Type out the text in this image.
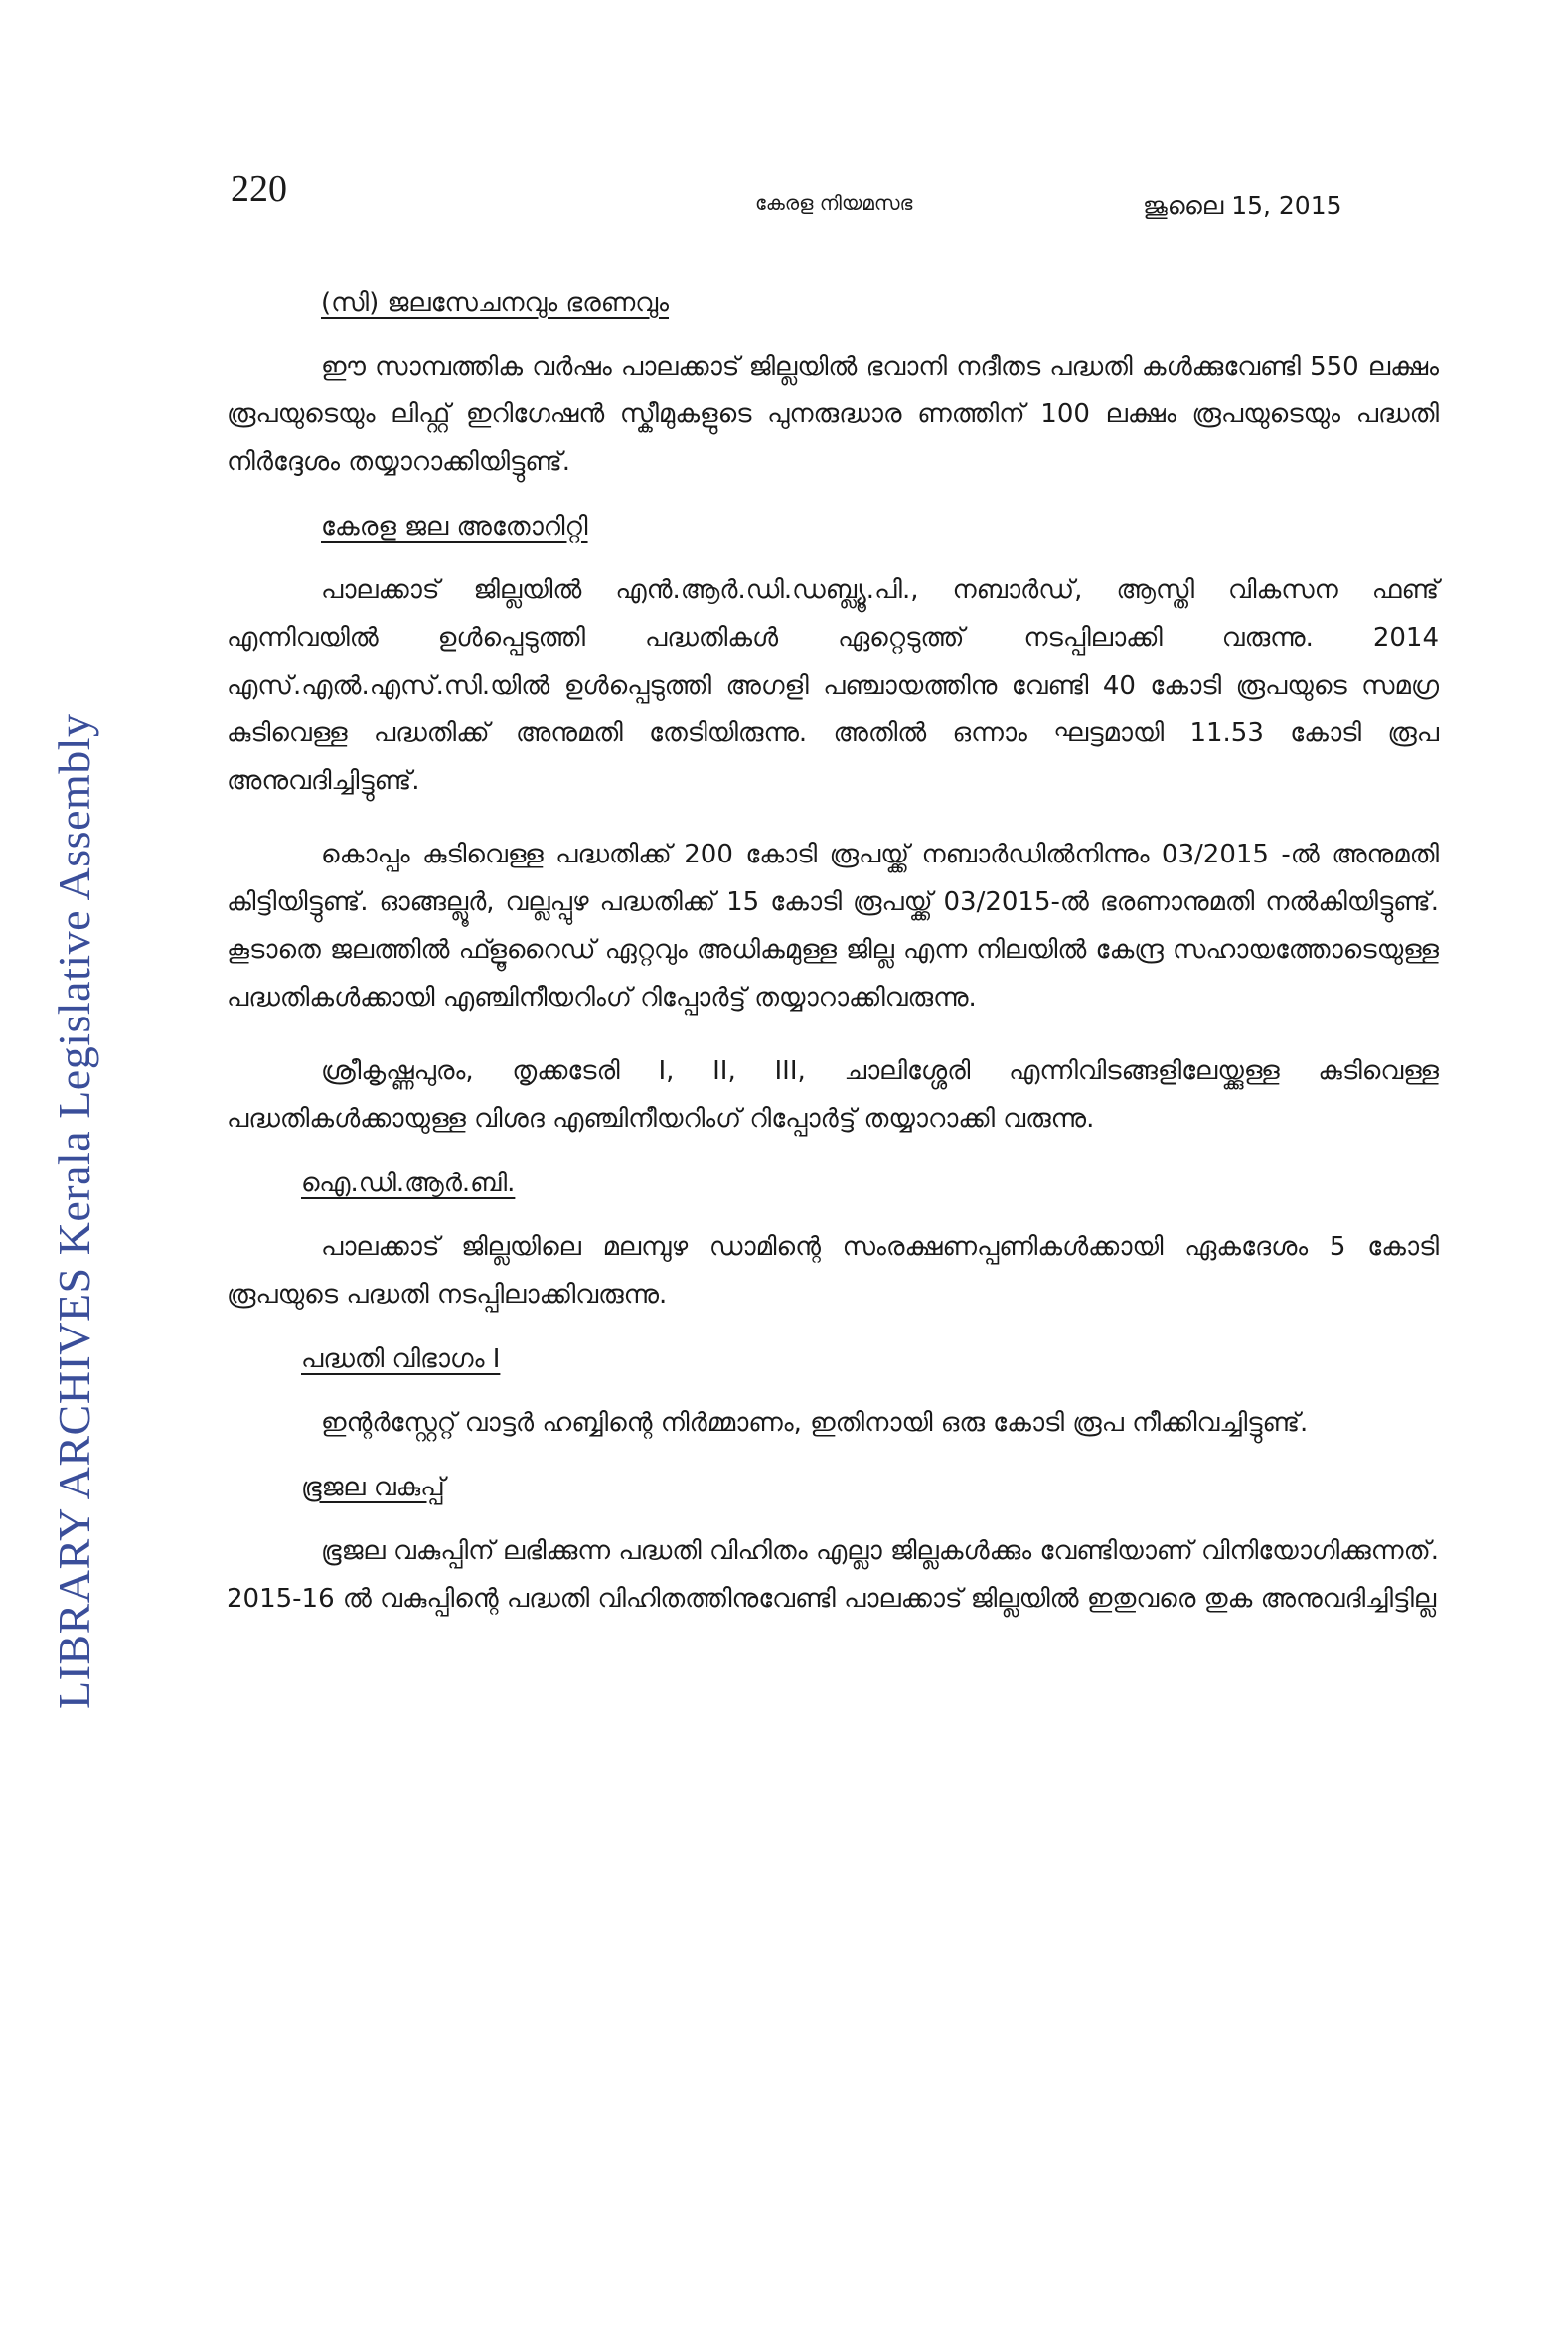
LIBRARY ARCHIVES Kerala Legislative Assembly
220	കേരള നിയമസഭ	ജൂലൈ 15, 2015
(സി) ജലസേചനവും ഭരണവും

ഈ സാമ്പത്തിക വർഷം പാലക്കാട് ജില്ലയിൽ ഭവാനി നദീതട പദ്ധതി കൾക്കുവേണ്ടി 550 ലക്ഷം രൂപയുടെയും ലിഫ്റ്റ് ഇറിഗേഷൻ സ്കീമുകളുടെ പുനരുദ്ധാര ണത്തിന് 100 ലക്ഷം രൂപയുടെയും പദ്ധതി നിർദ്ദേശം തയ്യാറാക്കിയിട്ടുണ്ട്.

കേരള ജല അതോറിറ്റി

പാലക്കാട് ജില്ലയിൽ എൻ.ആർ.ഡി.ഡബ്ല്യൂ.പി., നബാർഡ്, ആസ്തി വികസന ഫണ്ട് എന്നിവയിൽ ഉൾപ്പെടുത്തി പദ്ധതികൾ ഏറ്റെടുത്ത് നടപ്പിലാക്കി വരുന്നു. 2014 എസ്.എൽ.എസ്.സി.യിൽ ഉൾപ്പെടുത്തി അഗളി പഞ്ചായത്തിനു വേണ്ടി 40 കോടി രൂപയുടെ സമഗ്ര കുടിവെള്ള പദ്ധതിക്ക് അനുമതി തേടിയിരുന്നു. അതിൽ ഒന്നാം ഘട്ടമായി 11.53 കോടി രൂപ അനുവദിച്ചിട്ടുണ്ട്.

കൊപ്പം കുടിവെള്ള പദ്ധതിക്ക് 200 കോടി രൂപയ്ക്ക് നബാർഡിൽനിന്നും 03/2015 -ൽ അനുമതി കിട്ടിയിട്ടുണ്ട്. ഓങ്ങല്ലൂർ, വല്ലപ്പുഴ പദ്ധതിക്ക് 15 കോടി രൂപയ്ക്ക് 03/2015-ൽ ഭരണാനുമതി നൽകിയിട്ടുണ്ട്. കൂടാതെ ജലത്തിൽ ഫ്ളൂറൈഡ് ഏറ്റവും അധികമുള്ള ജില്ല എന്ന നിലയിൽ കേന്ദ്ര സഹായത്തോടെയുള്ള പദ്ധതികൾക്കായി എഞ്ചിനീയറിംഗ് റിപ്പോർട്ട് തയ്യാറാക്കിവരുന്നു.

ശ്രീകൃഷ്ണപുരം, തൃക്കടേരി I, II, III, ചാലിശ്ശേരി എന്നിവിടങ്ങളിലേയ്ക്കുള്ള കുടിവെള്ള പദ്ധതികൾക്കായുള്ള വിശദ എഞ്ചിനീയറിംഗ് റിപ്പോർട്ട് തയ്യാറാക്കി വരുന്നു.

ഐ.ഡി.ആർ.ബി.

പാലക്കാട് ജില്ലയിലെ മലമ്പുഴ ഡാമിന്റെ സംരക്ഷണപ്പണികൾക്കായി ഏകദേശം 5 കോടി രൂപയുടെ പദ്ധതി നടപ്പിലാക്കിവരുന്നു.

പദ്ധതി വിഭാഗം I

ഇന്റർസ്റ്റേറ്റ് വാട്ടർ ഹബ്ബിന്റെ നിർമ്മാണം, ഇതിനായി ഒരു കോടി രൂപ നീക്കിവച്ചിട്ടുണ്ട്.

ഭൂജല വകുപ്പ്

ഭൂജല വകുപ്പിന് ലഭിക്കുന്ന പദ്ധതി വിഹിതം എല്ലാ ജില്ലകൾക്കും വേണ്ടിയാണ് വിനിയോഗിക്കുന്നത്. 2015-16 ൽ വകുപ്പിന്റെ പദ്ധതി വിഹിതത്തിനുവേണ്ടി പാലക്കാട് ജില്ലയിൽ ഇതുവരെ തുക അനുവദിച്ചിട്ടില്ല
